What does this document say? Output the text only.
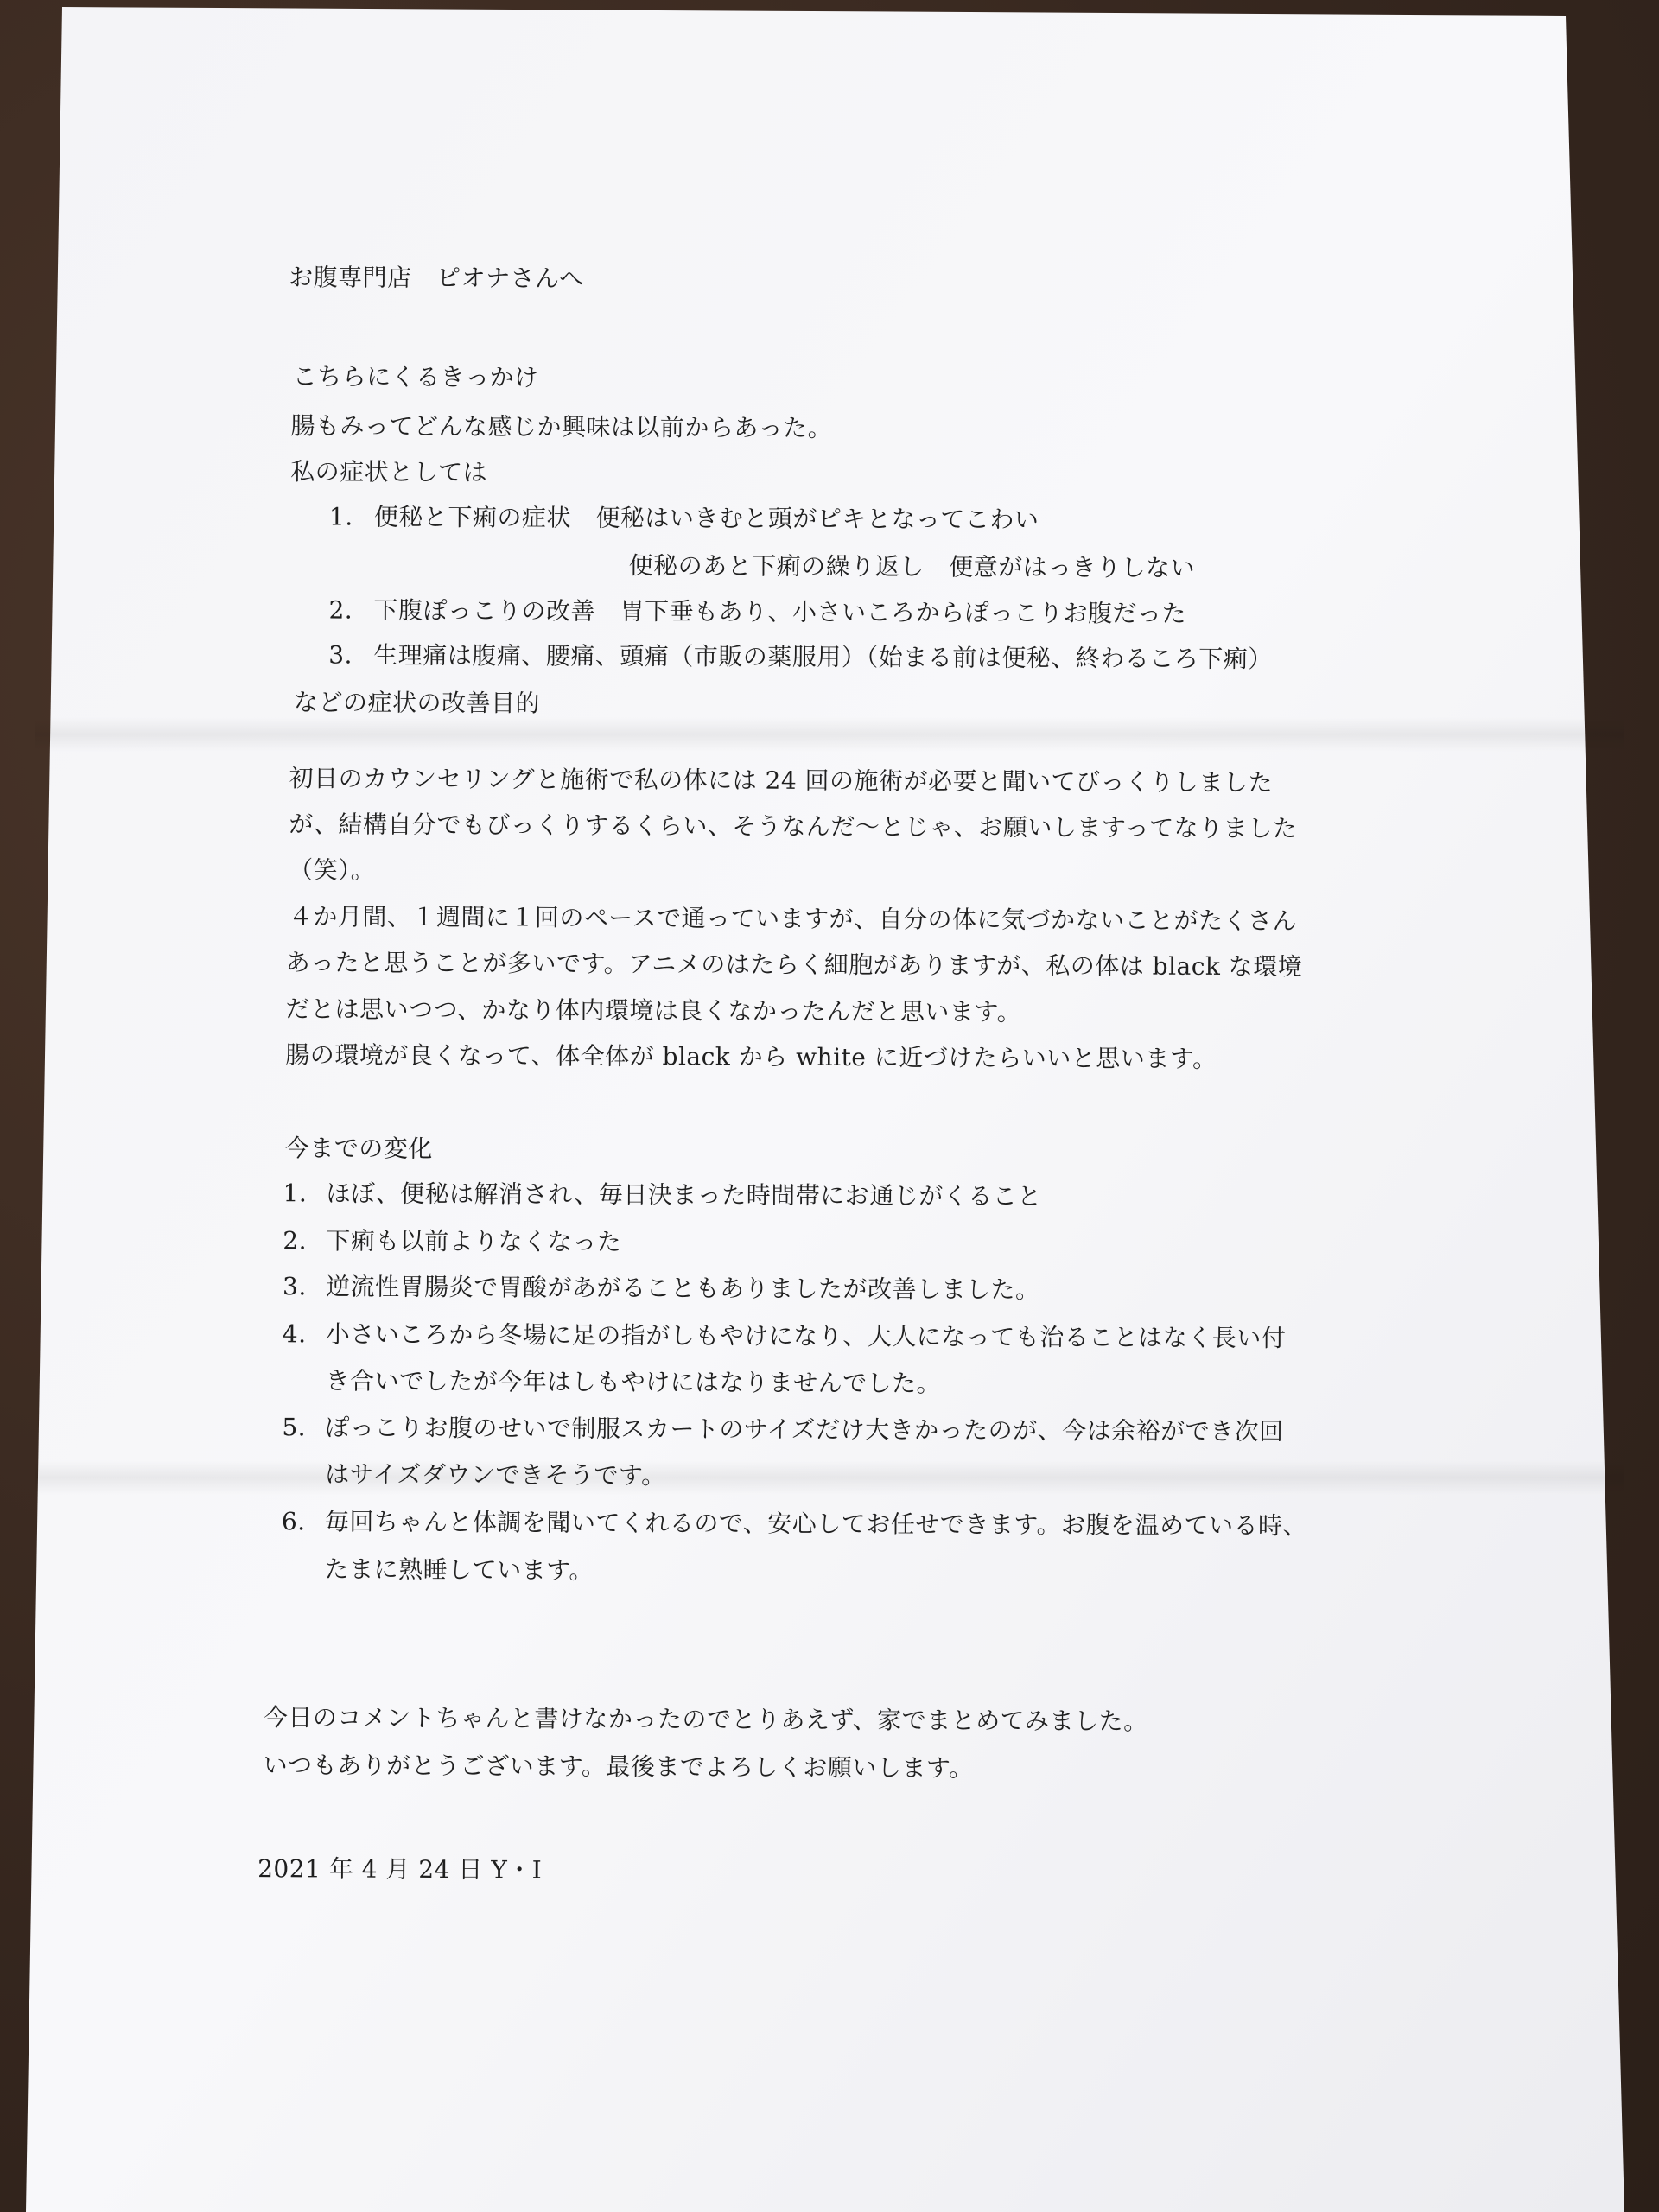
お腹専門店　ピオナさんへ
こちらにくるきっかけ
腸もみってどんな感じか興味は以前からあった。
私の症状としては
1. 便秘と下痢の症状　便秘はいきむと頭がピキとなってこわい
便秘のあと下痢の繰り返し　便意がはっきりしない
2. 下腹ぽっこりの改善　胃下垂もあり、小さいころからぽっこりお腹だった
3. 生理痛は腹痛、腰痛、頭痛（市販の薬服用）（始まる前は便秘、終わるころ下痢）
などの症状の改善目的
初日のカウンセリングと施術で私の体には 24 回の施術が必要と聞いてびっくりしました
が、結構自分でもびっくりするくらい、そうなんだ〜とじゃ、お願いしますってなりました
（笑）。
４か月間、１週間に１回のペースで通っていますが、自分の体に気づかないことがたくさん
あったと思うことが多いです。アニメのはたらく細胞がありますが、私の体は black な環境
だとは思いつつ、かなり体内環境は良くなかったんだと思います。
腸の環境が良くなって、体全体が black から white に近づけたらいいと思います。
今までの変化
1. ほぼ、便秘は解消され、毎日決まった時間帯にお通じがくること
2. 下痢も以前よりなくなった
3. 逆流性胃腸炎で胃酸があがることもありましたが改善しました。
4. 小さいころから冬場に足の指がしもやけになり、大人になっても治ることはなく長い付
き合いでしたが今年はしもやけにはなりませんでした。
5. ぽっこりお腹のせいで制服スカートのサイズだけ大きかったのが、今は余裕ができ次回
はサイズダウンできそうです。
6. 毎回ちゃんと体調を聞いてくれるので、安心してお任せできます。お腹を温めている時、
たまに熟睡しています。
今日のコメントちゃんと書けなかったのでとりあえず、家でまとめてみました。
いつもありがとうございます。最後までよろしくお願いします。
2021 年 4 月 24 日 Y・I
